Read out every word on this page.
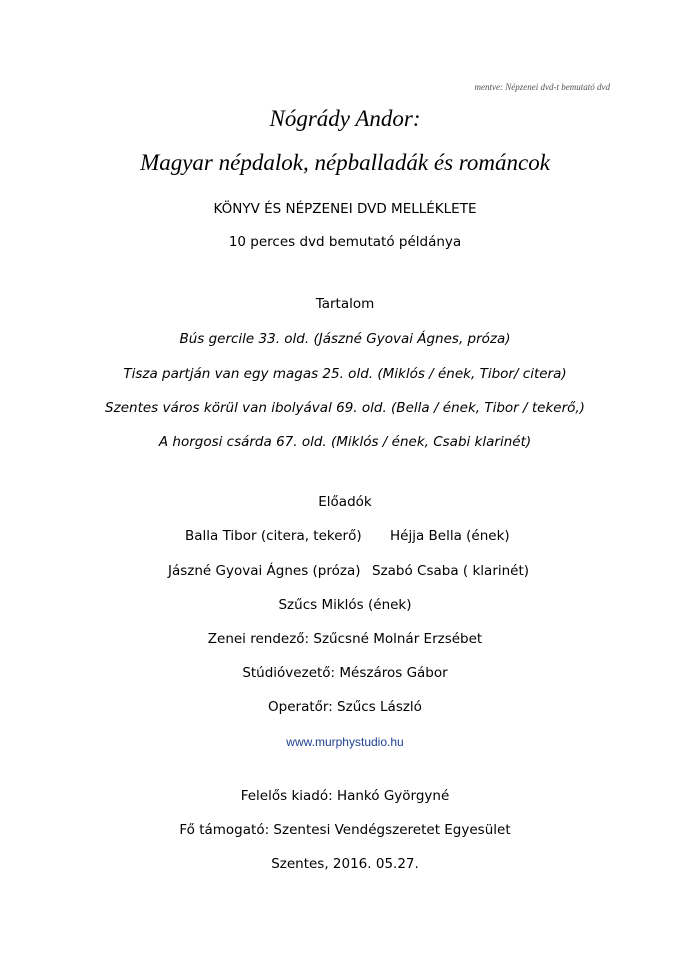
mentve: Népzenei dvd-t bemutató dvd
Nógrády Andor:
Magyar népdalok, népballadák és románcok
KÖNYV ÉS NÉPZENEI DVD MELLÉKLETE
10 perces dvd bemutató példánya
Tartalom
Bús gercile 33. old. (Jászné Gyovai Ágnes, próza)
Tisza partján van egy magas 25. old. (Miklós / ének, Tibor/ citera)
Szentes város körül van ibolyával 69. old. (Bella / ének, Tibor / tekerő,)
A horgosi csárda 67. old. (Miklós / ének, Csabi klarinét)
Előadók
Balla Tibor (citera, tekerő) Héjja Bella (ének)
Jászné Gyovai Ágnes (próza) Szabó Csaba ( klarinét)
Szűcs Miklós (ének)
Zenei rendező: Szűcsné Molnár Erzsébet
Stúdióvezető: Mészáros Gábor
Operatőr: Szűcs László
www.murphystudio.hu
Felelős kiadó: Hankó Györgyné
Fő támogató: Szentesi Vendégszeretet Egyesület
Szentes, 2016. 05.27.
